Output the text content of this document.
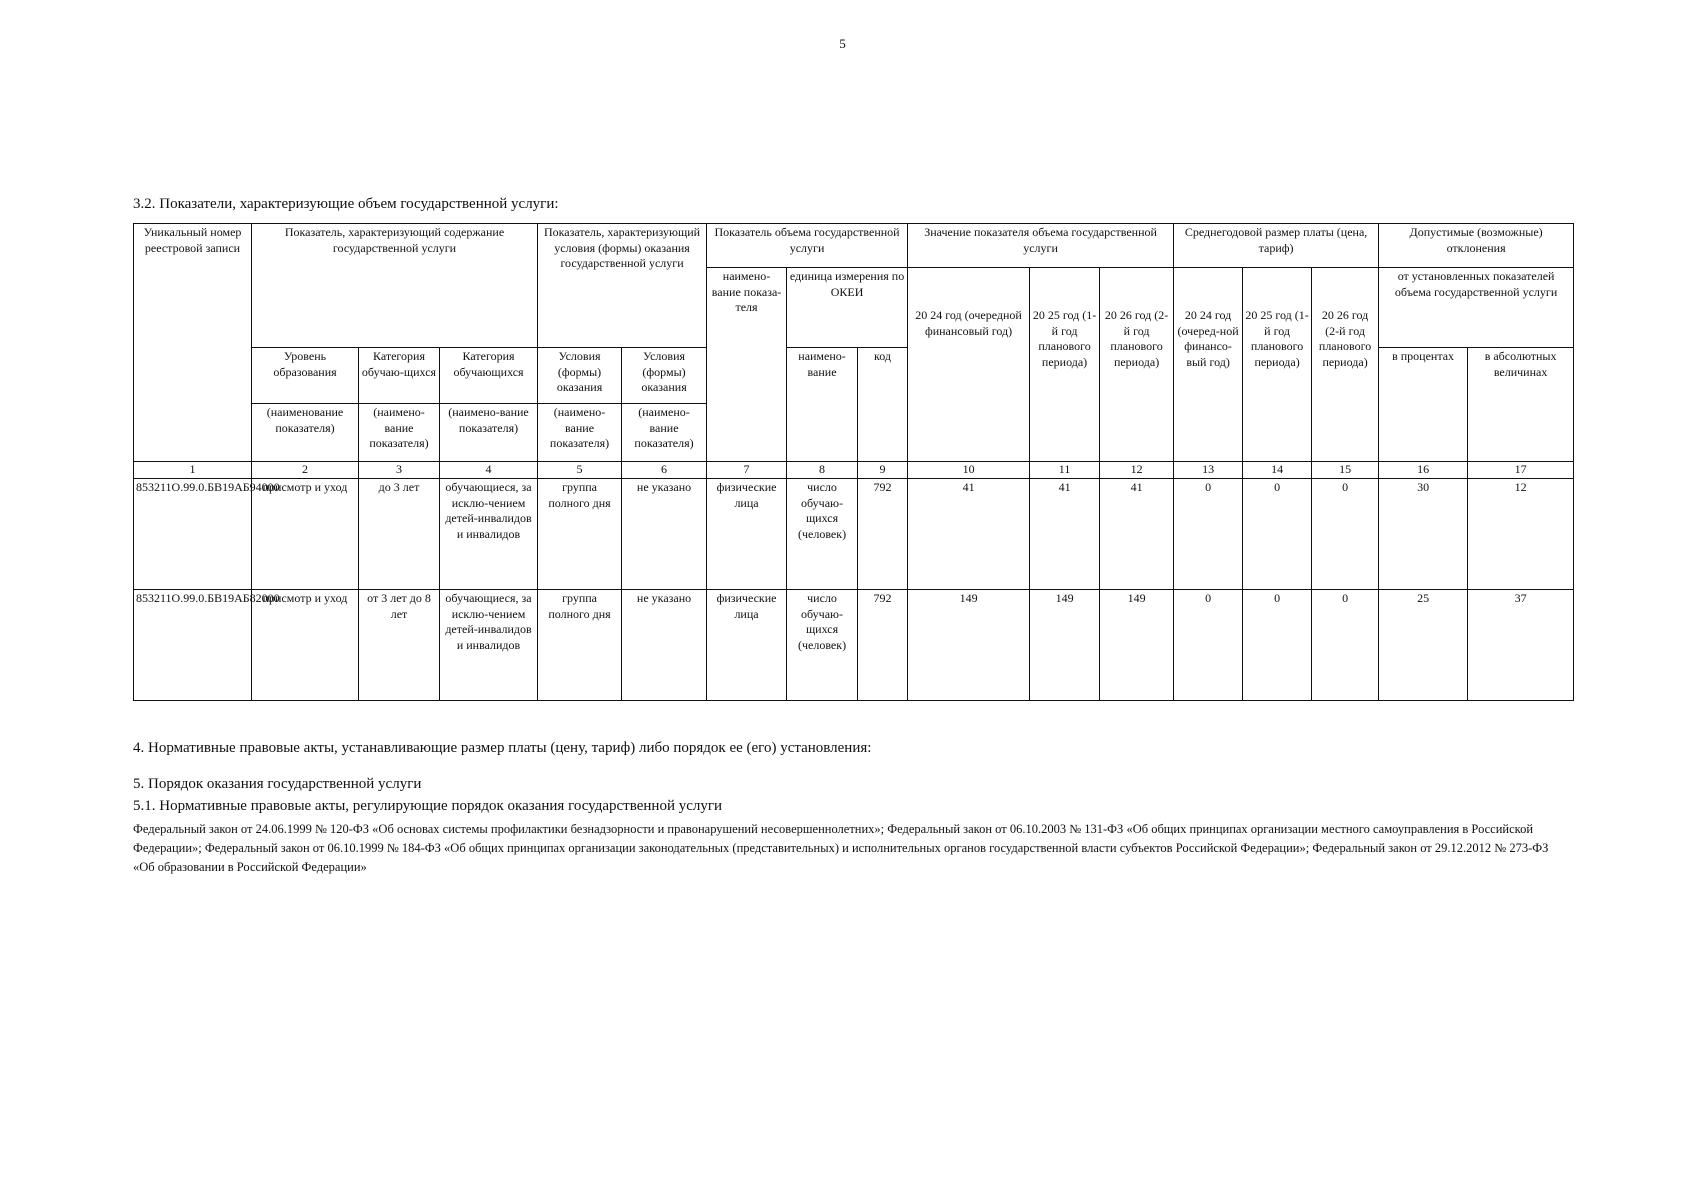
5
3.2. Показатели, характеризующие объем государственной услуги:
Уникальный номер реестровой записи	Показатель, характеризующий содержание государственной услуги			Показатель, характеризующий условия (формы) оказания государственной услуги		Показатель объема государственной услуги			Значение показателя объема государственной услуги			Среднегодовой размер платы (цена, тариф)			Допустимые (возможные) отклонения	
						наимено-вание показа-теля	единица измерения по ОКЕИ		20 24 год (очередной финансовый год)	20 25 год (1-й год планового периода)	20 26 год (2-й год планового периода)	20 24 год (очеред-ной финансо-вый год)	20 25 год (1-й год планового периода)	20 26 год (2-й год планового периода)	от установленных показателей объема государственной услуги	
	Уровень образования	Категория обучаю-щихся	Категория обучающихся	Условия (формы) оказания	Условия (формы) оказания		наимено-вание	код							в процентах	в абсолютных величинах
	(наименование показателя)	(наимено-вание показателя)	(наимено-вание показателя)	(наимено-вание показателя)	(наимено-вание показателя)											
1	2	3	4	5	6	7	8	9	10	11	12	13	14	15	16	17
853211О.99.0.БВ19АБ94000	присмотр и уход	до 3 лет	обучающиеся, за исклю-чением детей-инвалидов и инвалидов	группа полного дня	не указано	физические лица	число обучаю-щихся (человек)	792	41	41	41	0	0	0	30	12
853211О.99.0.БВ19АБ82000	присмотр и уход	от 3 лет до 8 лет	обучающиеся, за исклю-чением детей-инвалидов и инвалидов	группа полного дня	не указано	физические лица	число обучаю-щихся (человек)	792	149	149	149	0	0	0	25	37
4. Нормативные правовые акты, устанавливающие размер платы (цену, тариф) либо порядок ее (его) установления:
5. Порядок оказания государственной услуги
5.1. Нормативные правовые акты, регулирующие порядок оказания государственной услуги
Федеральный закон от 24.06.1999 № 120-ФЗ «Об основах системы профилактики безнадзорности и правонарушений несовершеннолетних»; Федеральный закон от 06.10.2003 № 131-ФЗ «Об общих принципах организации местного самоуправления в Российской Федерации»; Федеральный закон от 06.10.1999 № 184-ФЗ «Об общих принципах организации законодательных (представительных) и исполнительных органов государственной власти субъектов Российской Федерации»; Федеральный закон от 29.12.2012 № 273-ФЗ «Об образовании в Российской Федерации»
